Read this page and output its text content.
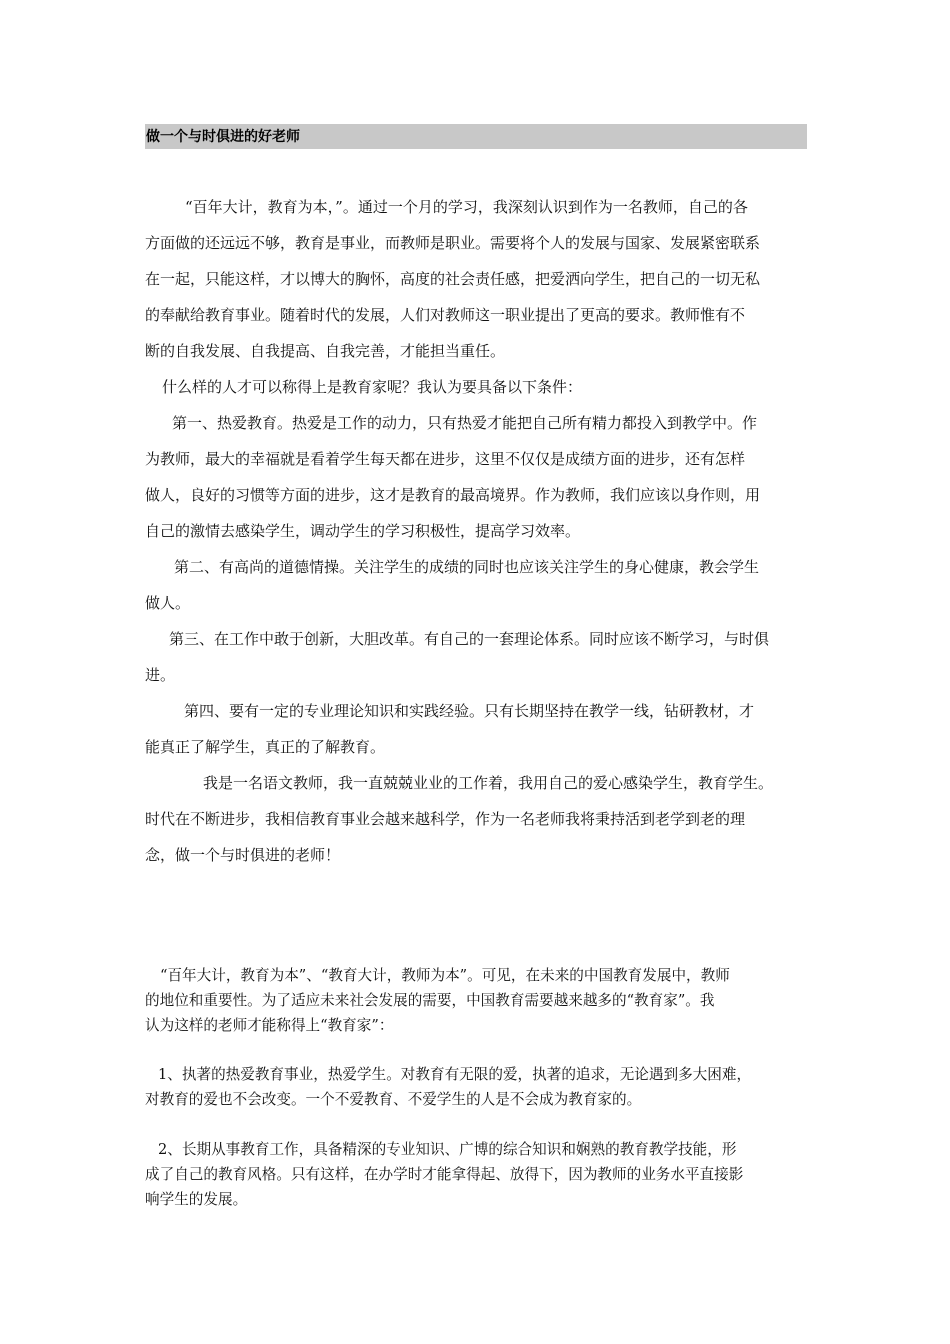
做一个与时俱进的好老师
“百年大计，教育为本，”。通过一个月的学习，我深刻认识到作为一名教师，自己的各
方面做的还远远不够，教育是事业，而教师是职业。需要将个人的发展与国家、发展紧密联系
在一起，只能这样，才以博大的胸怀，高度的社会责任感，把爱洒向学生，把自己的一切无私
的奉献给教育事业。随着时代的发展，人们对教师这一职业提出了更高的要求。教师惟有不
断的自我发展、自我提高、自我完善，才能担当重任。
什么样的人才可以称得上是教育家呢？我认为要具备以下条件：
第一、热爱教育。热爱是工作的动力，只有热爱才能把自己所有精力都投入到教学中。作
为教师，最大的幸福就是看着学生每天都在进步，这里不仅仅是成绩方面的进步，还有怎样
做人，良好的习惯等方面的进步，这才是教育的最高境界。作为教师，我们应该以身作则，用
自己的激情去感染学生，调动学生的学习积极性，提高学习效率。
第二、有高尚的道德情操。关注学生的成绩的同时也应该关注学生的身心健康，教会学生
做人。
第三、在工作中敢于创新，大胆改革。有自己的一套理论体系。同时应该不断学习，与时俱
进。
第四、要有一定的专业理论知识和实践经验。只有长期坚持在教学一线，钻研教材，才
能真正了解学生，真正的了解教育。
我是一名语文教师，我一直兢兢业业的工作着，我用自己的爱心感染学生，教育学生。
时代在不断进步，我相信教育事业会越来越科学，作为一名老师我将秉持活到老学到老的理
念，做一个与时俱进的老师！
“百年大计，教育为本”、“教育大计，教师为本”。可见，在未来的中国教育发展中，教师
的地位和重要性。为了适应未来社会发展的需要，中国教育需要越来越多的“教育家”。我
认为这样的老师才能称得上“教育家”：
1、执著的热爱教育事业，热爱学生。对教育有无限的爱，执著的追求，无论遇到多大困难，
对教育的爱也不会改变。一个不爱教育、不爱学生的人是不会成为教育家的。
2、长期从事教育工作，具备精深的专业知识、广博的综合知识和娴熟的教育教学技能，形
成了自己的教育风格。只有这样，在办学时才能拿得起、放得下，因为教师的业务水平直接影
响学生的发展。
